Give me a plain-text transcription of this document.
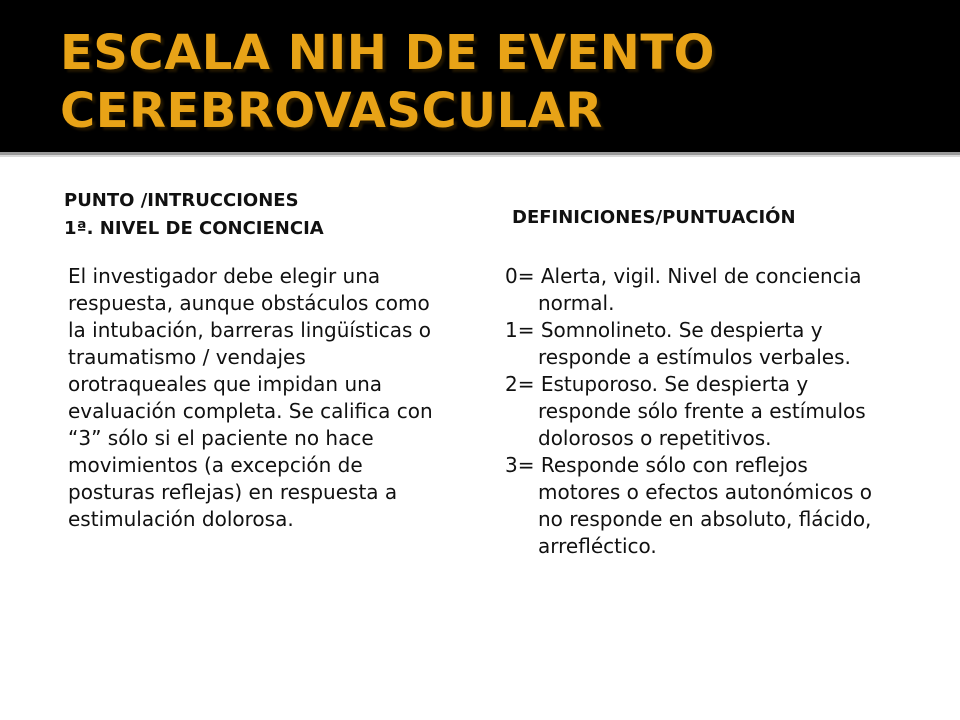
ESCALA NIH DE EVENTO
CEREBROVASCULAR
PUNTO /INTRUCCIONES
1ª. NIVEL DE CONCIENCIA
DEFINICIONES/PUNTUACIÓN

El investigador debe elegir una respuesta, aunque obstáculos como la intubación, barreras lingüísticas o traumatismo / vendajes orotraqueales que impidan una evaluación completa. Se califica con “3” sólo si el paciente no hace movimientos (a excepción de posturas reflejas) en respuesta a estimulación dolorosa.

0= Alerta, vigil. Nivel de conciencia normal.
1= Somnolineto. Se despierta y responde a estímulos verbales.
2= Estuporoso. Se despierta y responde sólo frente a estímulos dolorosos o repetitivos.
3= Responde sólo con reflejos motores o efectos autonómicos o no responde en absoluto, flácido, arrefléctico.
